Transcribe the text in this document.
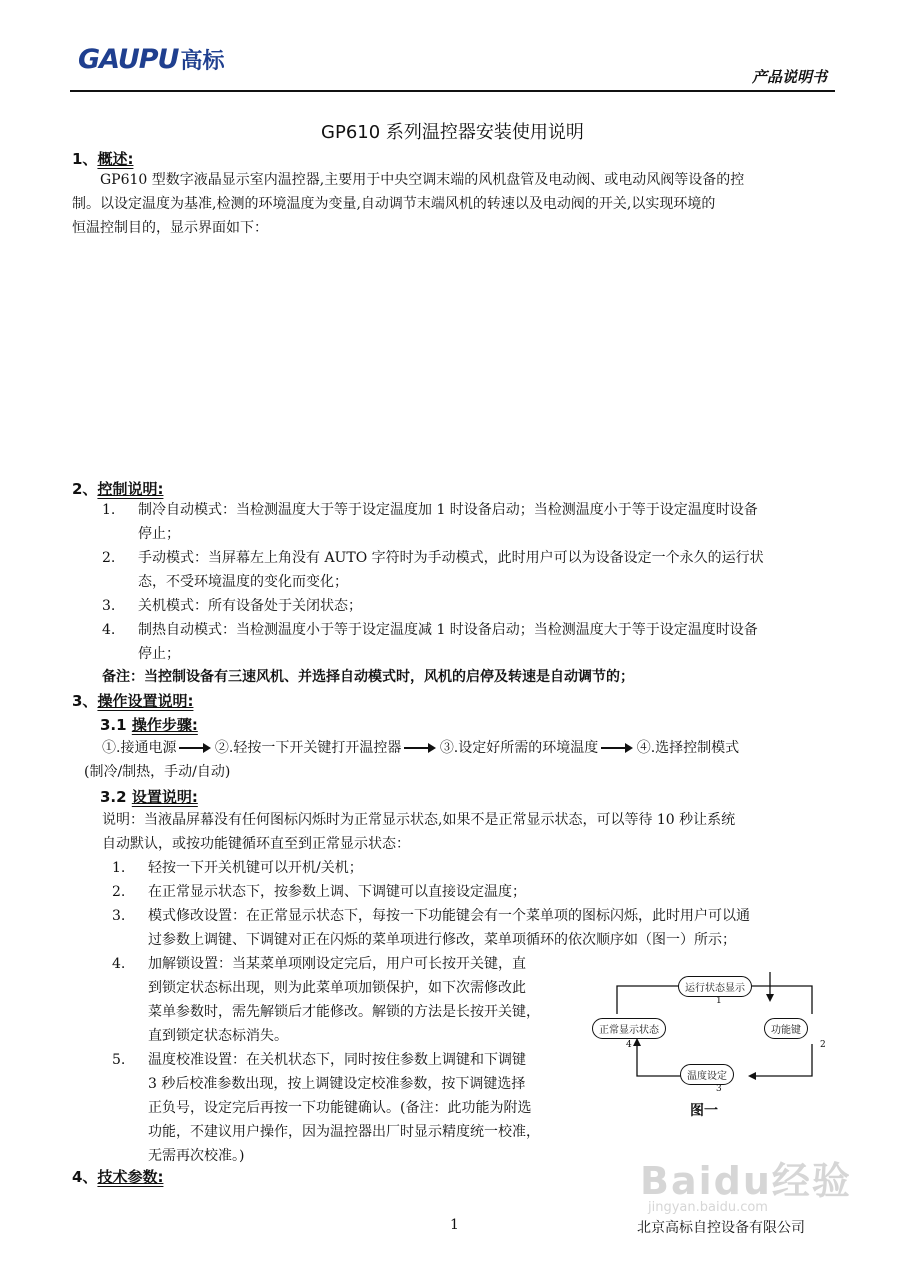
GAUPU 高标
产品说明书
GP610 系列温控器安装使用说明
1、概述:
GP610 型数字液晶显示室内温控器,主要用于中央空调末端的风机盘管及电动阀、或电动风阀等设备的控
制。以设定温度为基准,检测的环境温度为变量,自动调节末端风机的转速以及电动阀的开关,以实现环境的
恒温控制目的，显示界面如下：
2、控制说明:
1. 制冷自动模式：当检测温度大于等于设定温度加 1 时设备启动；当检测温度小于等于设定温度时设备
停止；
2. 手动模式：当屏幕左上角没有 AUTO 字符时为手动模式，此时用户可以为设备设定一个永久的运行状
态，不受环境温度的变化而变化；
3. 关机模式：所有设备处于关闭状态；
4. 制热自动模式：当检测温度小于等于设定温度减 1 时设备启动；当检测温度大于等于设定温度时设备
停止；
备注：当控制设备有三速风机、并选择自动模式时，风机的启停及转速是自动调节的；
3、操作设置说明:
3.1 操作步骤:
①.接通电源	②.轻按一下开关键打开温控器	③.设定好所需的环境温度	④.选择控制模式
(制冷/制热，手动/自动)
3.2 设置说明:
说明：当液晶屏幕没有任何图标闪烁时为正常显示状态,如果不是正常显示状态，可以等待 10 秒让系统
自动默认，或按功能键循环直至到正常显示状态：
1. 轻按一下开关机键可以开机/关机；
2. 在正常显示状态下，按参数上调、下调键可以直接设定温度；
3. 模式修改设置：在正常显示状态下，每按一下功能键会有一个菜单项的图标闪烁，此时用户可以通
过参数上调键、下调键对正在闪烁的菜单项进行修改，菜单项循环的依次顺序如（图一）所示；
4. 加解锁设置：当某菜单项刚设定完后，用户可长按开关键，直
到锁定状态标出现，则为此菜单项加锁保护，如下次需修改此
菜单参数时，需先解锁后才能修改。解锁的方法是长按开关键，
直到锁定状态标消失。
5. 温度校准设置：在关机状态下，同时按住参数上调键和下调键
3 秒后校准参数出现，按上调键设定校准参数，按下调键选择
正负号，设定完后再按一下功能键确认。(备注：此功能为附选
功能，不建议用户操作，因为温控器出厂时显示精度统一校准，
无需再次校准。)
运行状态显示
正常显示状态	功能键
温度设定
1
2
3
4
图一
4、技术参数:	Baidu经验
jingyan.baidu.com
1	北京高标自控设备有限公司
